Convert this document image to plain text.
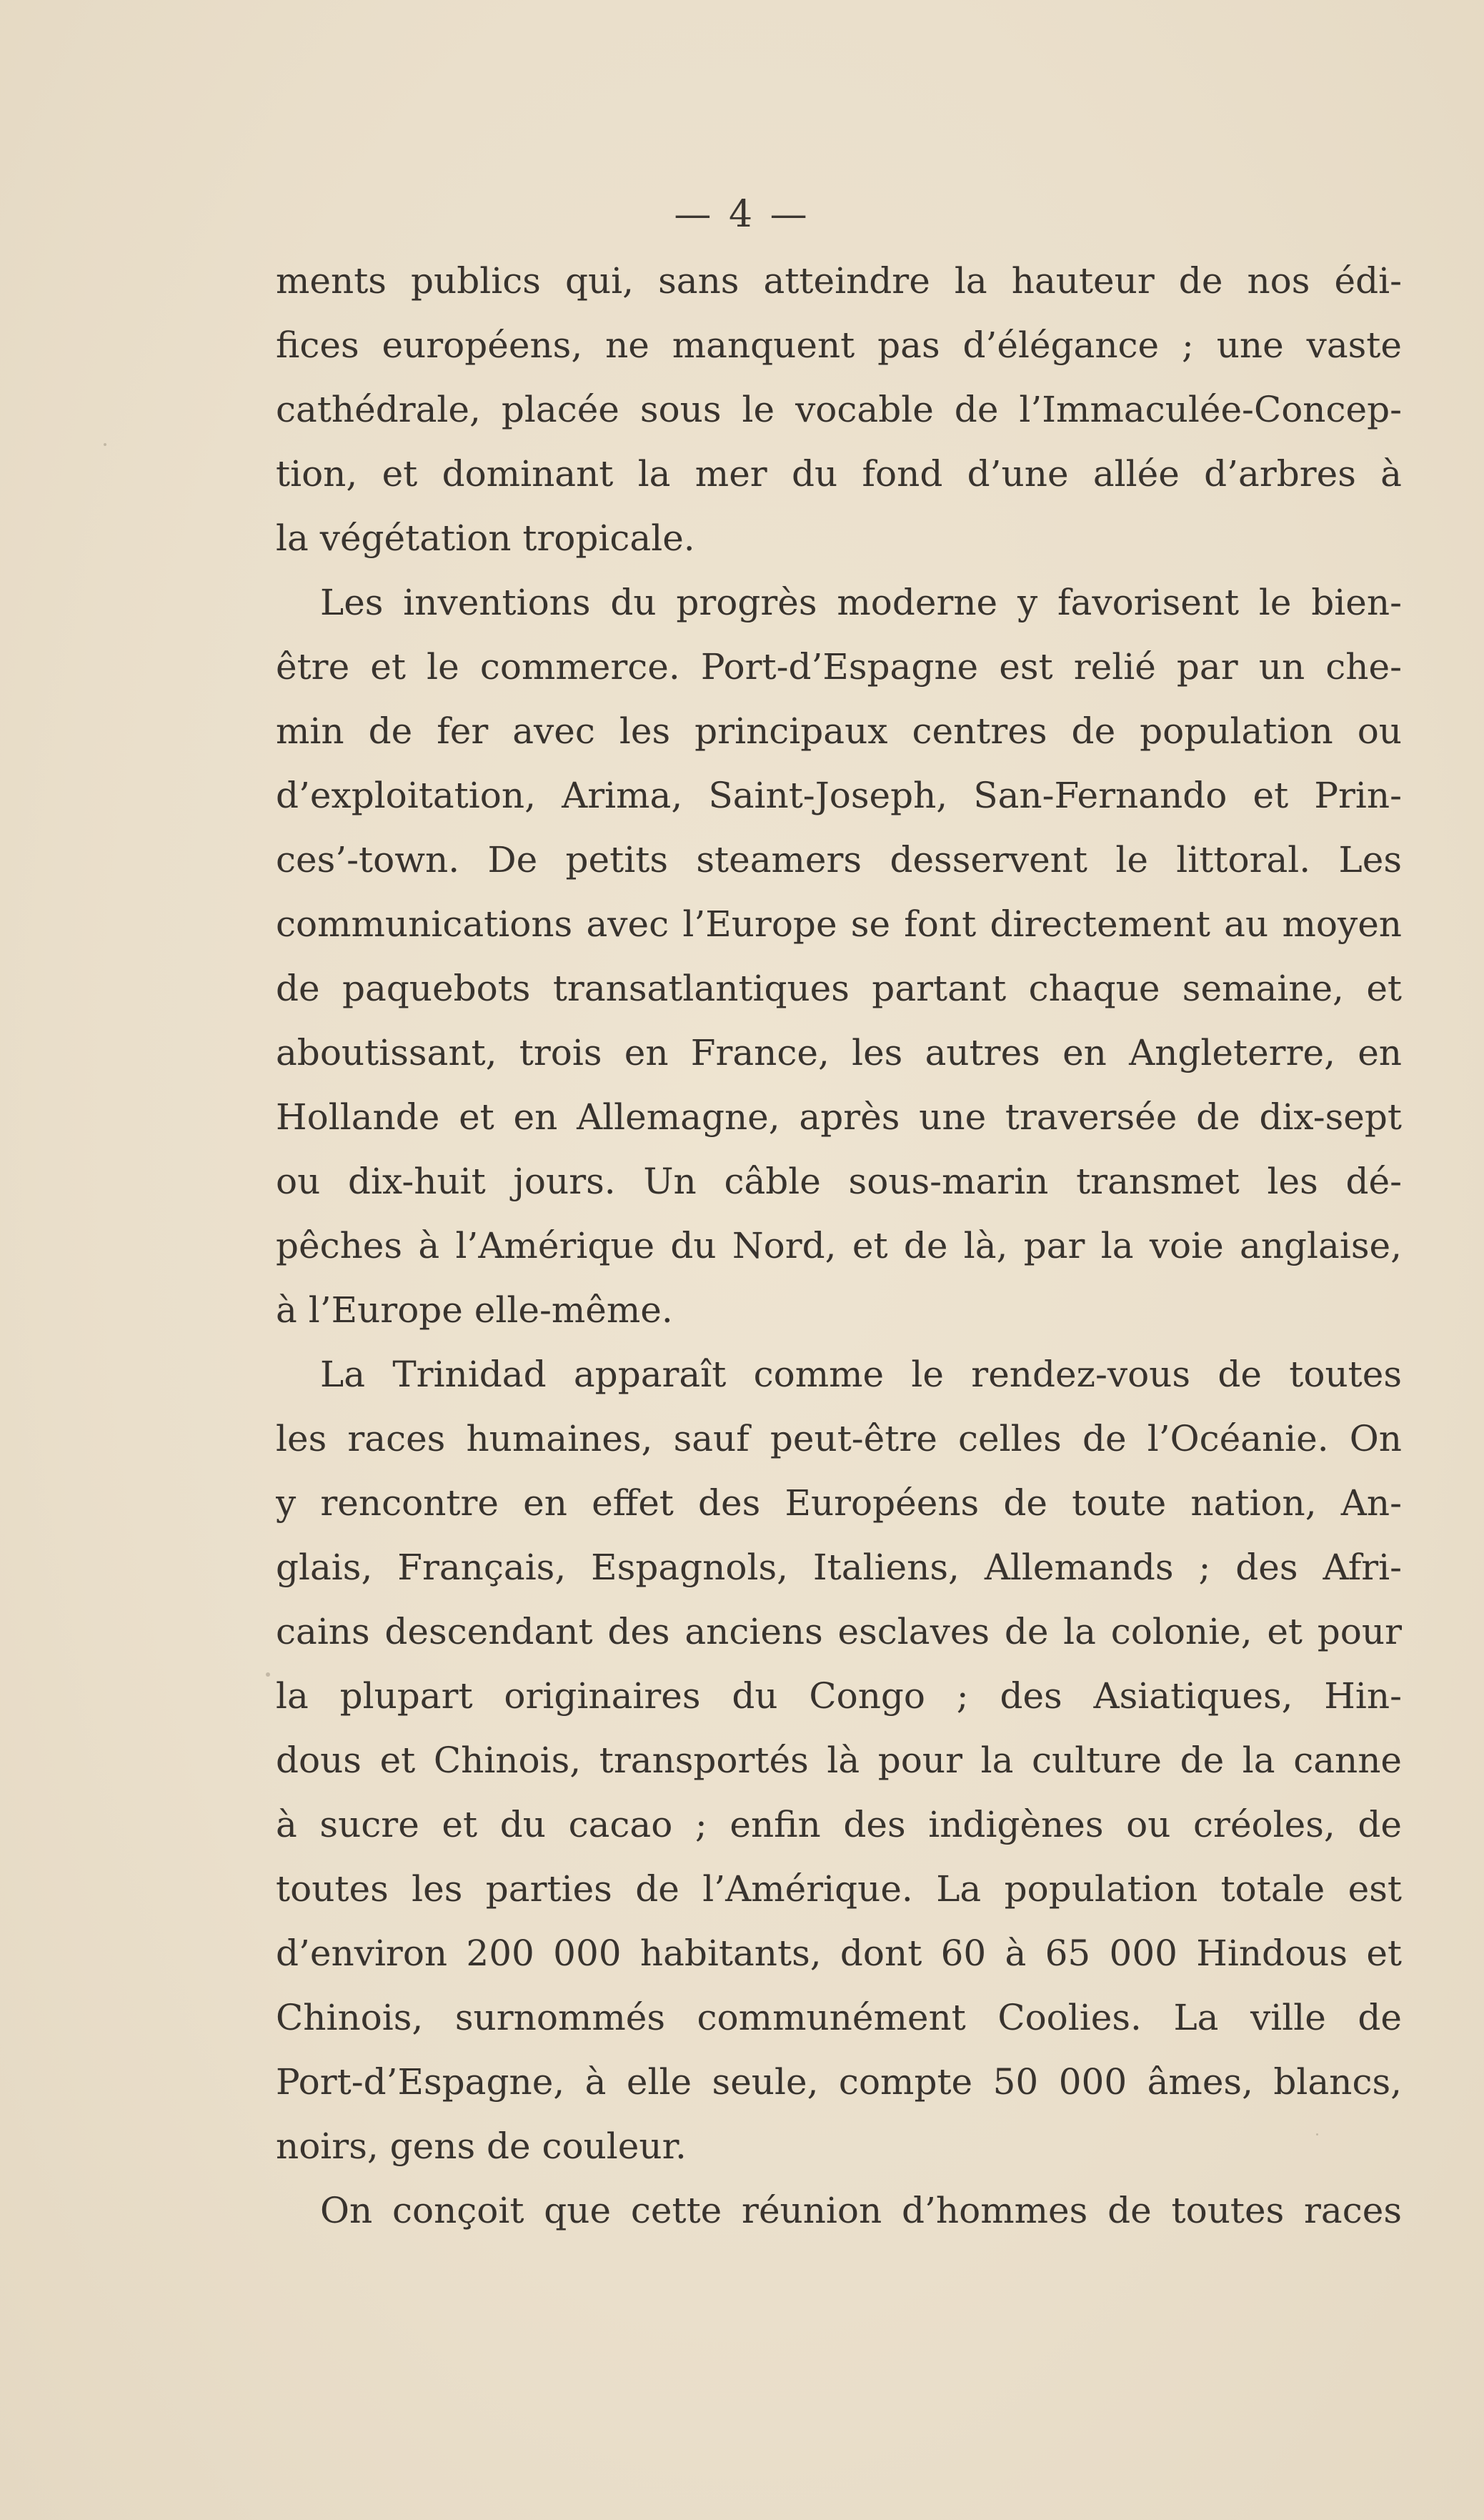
— 4 —
ments publics qui, sans atteindre la hauteur de nos édi-
fices européens, ne manquent pas d’élégance ; une vaste
cathédrale, placée sous le vocable de l’Immaculée-Concep-
tion, et dominant la mer du fond d’une allée d’arbres à
la végétation tropicale.
Les inventions du progrès moderne y favorisent le bien-
être et le commerce. Port-d’Espagne est relié par un che-
min de fer avec les principaux centres de population ou
d’exploitation, Arima, Saint-Joseph, San-Fernando et Prin-
ces’-town. De petits steamers desservent le littoral. Les
communications avec l’Europe se font directement au moyen
de paquebots transatlantiques partant chaque semaine, et
aboutissant, trois en France, les autres en Angleterre, en
Hollande et en Allemagne, après une traversée de dix-sept
ou dix-huit jours. Un câble sous-marin transmet les dé-
pêches à l’Amérique du Nord, et de là, par la voie anglaise,
à l’Europe elle-même.
La Trinidad apparaît comme le rendez-vous de toutes
les races humaines, sauf peut-être celles de l’Océanie. On
y rencontre en effet des Européens de toute nation, An-
glais, Français, Espagnols, Italiens, Allemands ; des Afri-
cains descendant des anciens esclaves de la colonie, et pour
la plupart originaires du Congo ; des Asiatiques, Hin-
dous et Chinois, transportés là pour la culture de la canne
à sucre et du cacao ; enfin des indigènes ou créoles, de
toutes les parties de l’Amérique. La population totale est
d’environ 200 000 habitants, dont 60 à 65 000 Hindous et
Chinois, surnommés communément Coolies. La ville de
Port-d’Espagne, à elle seule, compte 50 000 âmes, blancs,
noirs, gens de couleur.
On conçoit que cette réunion d’hommes de toutes races
